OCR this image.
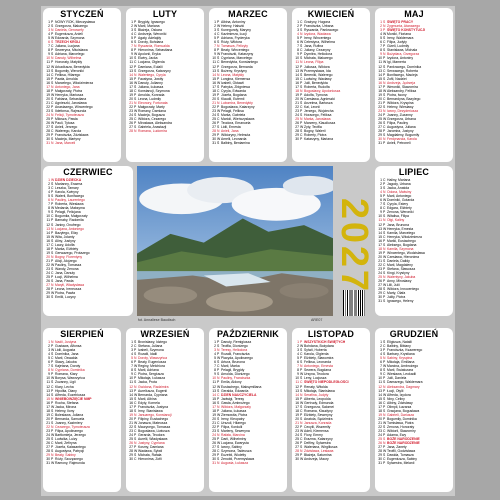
STYCZEŃ
1 P NOWY ROK, Mieczysława
2 S Grzegorza, Makarego
3 N Daniela, Genowefy
4 P Eugeniusza, Anieli
5 W Edwarda, Szymona
6 Ś TRZECH KRÓLI
7 C Juliana, Lucjana
8 P Seweryna, Mścisława
9 S Adriana, Marcelego
10 N Danuty, Wilhelma
11 P Honoraty, Matyldy
12 W Arkadiusza, Benedykta
13 Ś Bogumiły, Weroniki
14 C Feliksa, Hilarego
15 P Pawła, Arnolda
16 S Marcelego, Włodzimierza
17 N Antoniego, Jana
18 P Małgorzaty, Piotra
19 W Henryka, Mariusza
20 Ś Fabiana, Sebastiana
21 C Agnieszki, Jarosława
22 P Anastazego, Wincentego
23 S Ildefonsa, Rajmunda
24 N Felicji, Tymoteusza
25 P Miłosza, Pawła
26 W Pauli, Tytusa
27 Ś Anieli, Jerzego
28 C Walerego, Karola
29 P Franciszka, Zdzisława
30 S Macieja, Martyny
31 N Jana, Marceli
LUTY
1 P Brygidy, Ignacego
2 W Marii, Mariana
3 Ś Błażeja, Oskara
4 C Andrzeja, Weroniki
5 P Agaty, Adelajdy
6 S Doroty, Bohdana
7 N Ryszarda, Romualda
8 P Hieronima, Sebastiana
9 W Apolonii, Eryka
10 Ś Elwiry, Jacka
11 C Lucjana, Olgierda
12 P Damiana, Eulalii
13 S Grzegorza, Katarzyny
14 N Walentego, Cyryla
15 P Faustyna, Jowity
16 W Danuty, Julianny
17 Ś Juliana, Łukasza
18 C Konstancji, Szymona
19 P Arnolda, Konrada
20 S Leona, Ludmiły
21 N Eleonory, Fortunata
22 P Małgorzaty, Marty
23 W Romany, Damiana
24 Ś Macieja, Bogusza
25 C Wiktora, Cezarego
26 P Mirosława, Aleksandra
27 S Gabriela, Anastazji
28 N Romana, Ludomira
MARZEC
1 P Albina, Antoniny
2 W Heleny, Halszki
3 Ś Kunegundy, Maryny
4 C Kazimierza, Łucji
5 P Adriana, Fryderyka
6 S Róży, Wiktora
7 N Tomasza, Felicyty
8 P Beaty, Wincentego
9 W Franciszki, Katarzyny
10 Ś Cypriana, Marcelego
11 C Benedykta, Konstantego
12 P Grzegorza, Bernarda
13 S Bożeny, Krystyny
14 N Leona, Matyldy
15 P Longina, Klemensa
16 W Izabeli, Oktawii
17 Ś Patryka, Zbigniewa
18 C Cyryla, Edwarda
19 P Józefa, Bogdana
20 S Klaudii, Eufemii
21 N Lubomira, Benedykty
22 P Bogusława, Katarzyny
23 W Pelagii, Feliksa
24 Ś Marka, Gabriela
25 C Marioli, Wieńczysława
26 P Teodora, Emanuela
27 S Lidii, Ernesta
28 N Anieli, Jana
29 P Wiktoryny, Helmuta
30 W Amelii, Leonarda
31 Ś Balbiny, Beniamina
KWIECIEŃ
1 C Grażyny, Hugona
2 P Franciszka, Urbana
3 S Ryszarda, Pankracego
4 N Izydora, Wacława
5 P Ireny, Wincentego
6 W Celestyna, Wilhelma
7 Ś Jana, Rufina
8 C Juliany, Cezaryny
9 P Dymitra, Heliodora
10 S Michała, Makarego
11 N Leona, Filipa
12 P Juliusza, Wiktora
13 W Przemysława, Ida
14 Ś Bereniki, Walerego
15 C Ludwiny, Wacławy
16 P Julii, Benedykta
17 S Roberta, Rudolfa
18 N Bogusławy, Apoloniusza
19 P Adolfa, Tymona
20 W Czesława, Agnieszki
21 Ś Anzelma, Bartosza
22 C Kai, Leonii
23 P Jerzego, Wojciecha
24 S Horacego, Feliksa
25 N Marka, Jarosława
26 P Marzeny, Klaudiusza
27 W Zyty, Teofila
28 Ś Bogny, Walerii
29 C Roberty, Piotra
30 P Katarzyny, Mariana
MAJ
1 S ŚWIĘTO PRACY
2 N Zygmunta, Atanazego
3 P ŚWIĘTO KONSTYTUCJI
4 W Moniki, Floriana
5 Ś Ireny, Waldemara
6 C Filipa, Judyty
7 P Gizeli, Ludmiły
8 S Stanisława, Michała
9 N Bożydara, Grzegorza
10 P Izydora, Antoniny
11 W Igi, Mamerta
12 Ś Pankracego, Dominika
13 C Serwacego, Roberta
14 P Bonifacego, Macieja
15 S Zofii, Nadziei
16 N Andrzeja, Jędrzeja
17 P Weroniki, Sławomira
18 W Aleksandry, Feliksa
19 Ś Piotra, Iwony
20 C Bernardyna, Bazylego
21 P Wiktora, Kryspina
22 S Heleny, Wiesławy
23 N Iwony, Dezyderiusza
24 P Joanny, Zuzanny
25 W Grzegorza, Urbana
26 Ś Filipa, Pauliny
27 C Augustyna, Juliana
28 P Jaromira, Justyny
29 S Magdaleny, Bogumiły
30 N Ferdynanda, Karola
31 P Anieli, Petroneli
CZERWIEC
1 W DZIEŃ DZIECKA
2 Ś Marianny, Erazma
3 C Leszka, Tamary
4 P Karola, Kwiryny
5 S Walerii, Bonifacego
6 N Pauliny, Laurentego
7 P Roberta, Wiesława
8 W Medarda, Maksyma
9 Ś Pelagii, Felicjana
10 C Bogumiła, Małgorzaty
11 P Barnaby, Radomiła
12 S Janiny, Onufrego
13 N Lucjana, Antoniego
14 P Bazylego, Elizy
15 W Wita, Jolanty
16 Ś Aliny, Justyny
17 C Laury, Adolfa
18 P Marka, Elżbiety
19 S Gerwazego, Protazego
20 N Bogny, Florentyny
21 P Alicji, Alojzego
22 W Pauliny, Tomasza
23 Ś Wandy, Zenona
24 C Jana, Danuty
25 P Łucji, Wilhelma
26 S Jana, Pawła
27 N Maryli, Władysława
28 P Leona, Ireneusza
29 W Piotra, Pawła
30 Ś Emilii, Lucyny
LIPIEC
1 C Haliny, Mariana
2 P Jagody, Urbana
3 S Jacka, Anatola
4 N Odona, Malwiny
5 P Marii, Antoniego
6 W Dominiki, Gotarda
7 Ś Cyryla, Estery
8 C Edgara, Elżbiety
9 P Zenona, Weroniki
10 S Witalisa, Filipa
11 N Olgi, Kaliny
12 P Jana, Brunona
13 W Henryka, Ernesta
14 Ś Kamila, Marcelego
15 C Henryka, Włodzimierza
16 P Mariki, Eustachego
17 S Aleksego, Bogdana
18 N Kamila, Szymona
19 P Wincentego, Wodzisława
20 W Czesława, Hieronima
21 Ś Daniela, Dalidy
22 C Marii, Magdaleny
23 P Stefana, Sławosza
24 S Kingi, Krystyny
25 N Walentyny, Jakuba
26 P Anny, Mirosławy
27 W Lilii, Julii
28 Ś Wiktora, Innocentego
29 C Marty, Olafa
30 P Julity, Piotra
31 S Ignacego, Heleny
SIERPIEŃ
1 N Nadii, Justyna
2 P Gustawa, Alfonsa
3 W Lidii, Augusta
4 Ś Dominika, Jana
5 C Marii, Oswalda
6 P Sławy, Jakuba
7 S Kajetana, Doroty
8 N Cypriana, Dominika
9 P Romana, Klary
10 W Borysa, Wawrzyńca
11 Ś Zuzanny, Ligii
12 C Klary, Lecha
13 P Hipolita, Diany
14 S Alfreda, Euzebiusza
15 N WNIEBOWZIĘCIE NMP
16 P Rocha, Stefana
17 W Jacka, Mirona
18 Ś Heleny, Ilony
19 C Bolesława, Juliana
20 P Bernarda, Samuela
21 S Joanny, Kazimiery
22 N Cezarego, Tymoteusza
23 P Filipa, Apolinarego
24 W Bartłomieja, Jerzego
25 Ś Ludwika, Luizy
26 C Marii, Zefiryna
27 P Józefa, Kalasantego
28 S Augustyna, Patrycji
29 N Beaty, Sabiny
30 P Róży, Szczęsnego
31 W Ramony, Rajmunda
WRZESIEŃ
1 Ś Bronisławy, Idziego
2 C Stefana, Juliana
3 P Izabeli, Szymona
4 S Rozalii, Idalii
5 N Doroty, Wawrzyńca
6 P Beaty, Eugeniusza
7 W Reginy, Melchiora
8 Ś Marii, Adriana
9 C Piotra, Sergiusza
10 P Mikołaja, Łukasza
11 S Jacka, Prota
12 N Gwidona, Radzimira
13 P Aureliusza, Eugenii
14 W Bernarda, Cypriana
15 Ś Marii, Albina
16 C Edyty, Kornela
17 P Franciszka, Justyna
18 S Irmy, Stanisława
19 N Januarego, Konstancji
20 P Filipiny, Eustachego
21 W Jonasza, Mateusza
22 Ś Maurycego, Tomasza
23 C Bogusława, Liwiusza
24 P Gerarda, Teodora
25 S Aurelii, Władysława
26 N Justyny, Cypriana
27 P Kosmy, Damiana
28 W Wacława, Sylwii
29 Ś Michała, Rafała
30 C Hieronima, Zofii
PAŹDZIERNIK
1 P Danuty, Remigiusza
2 S Teofila, Dionizego
3 N Teresy, Heliodora
4 P Rozalii, Franciszka
5 W Placyda, Apolinarego
6 Ś Artura, Brunona
7 C Marii, Marka
8 P Pelagii, Brygidy
9 S Arnolda, Dionizego
10 N Pauliny, Franciszka
11 P Emila, Aldony
12 W Eustachego, Maksymiliana
13 Ś Geralda, Edwarda
14 C DZIEŃ NAUCZYCIELA
15 P Jadwigi, Teresy
16 S Gawła, Ambrożego
17 N Wiktora, Małgorzaty
18 P Juliana, Łukasza
19 W Ziemowita, Piotra
20 Ś Ireny, Kleopatry
21 C Urszuli, Hilarego
22 P Filipa, Kordulii
23 S Marleny, Seweryna
24 N Rafała, Marcina
25 P Darii, Wilhelminy
26 W Lucjana, Ewarysta
27 Ś Iwony, Sabiny
28 C Szymona, Tadeusza
29 P Euzebii, Wioletty
30 S Zenobii, Przemysława
31 N Augusta, Łukasza
LISTOPAD
1 P WSZYSTKICH ŚWIĘTYCH
2 W Bohdana, Bożydara
3 Ś Sylwii, Huberta
4 C Karola, Olgierda
5 P Elżbiety, Sławomira
6 S Feliksa, Leonarda
7 N Antoniego, Ernesta
8 P Sewera, Bogdana
9 W Ursyna, Teodora
10 Ś Leny, Lucjusza
11 C ŚWIĘTO NIEPODLEGŁOŚCI
12 P Renaty, Witolda
13 S Mikołaja, Stanisława
14 N Serafina, Judyty
15 P Alberta, Leopolda
16 W Gertrudy, Edmunda
17 Ś Grzegorza, Salomei
18 C Romana, Klaudyny
19 P Elżbiety, Seweryny
20 S Anatola, Sędzimira
21 N Janusza, Konrada
22 P Cecylii, Wszemiły
23 W Adeli, Klemensa
24 Ś Flory, Emmy
25 C Erazma, Katarzyny
26 P Delfiny, Sylwestra
27 S Waleriana, Wirgiliusza
28 N Zdzisława, Lesława
29 P Błażeja, Saturnina
30 W Andrzeja, Maury
GRUDZIEŃ
1 Ś Eligiusza, Natalii
2 C Balbiny, Bibiany
3 P Franciszka, Ksawerego
4 S Barbary, Krystiana
5 N Sabiny, Kryspina
6 P Mikołaja, Emiliana
7 W Marcina, Ambrożego
8 Ś Marii, Światozara
9 C Wiesława, Leokadii
10 P Julii, Daniela
11 S Damazego, Waldemara
12 N Aleksandra, Dagmary
13 P Łucji, Otylii
14 W Alfreda, Izydora
15 Ś Niny, Celiny
16 C Albiny, Zdzisławy
17 P Olimpii, Łazarza
18 S Gracjana, Bogusława
19 N Gabrieli, Dariusza
20 P Bogumiły, Dominika
21 W Tomisława, Piotra
22 Ś Zenona, Honoraty
23 C Wiktorii, Sławomiry
24 P Adama, Ewy
25 S BOŻE NARODZENIE
26 N BOŻE NARODZENIE
27 P Jana, Żanety
28 W Teofili, Godzisława
29 Ś Dawida, Tomasza
30 C Eugeniusza, Sabiny
31 P Sylwestra, Melanii
fot. Annaliese Baudisch	ARE07
2
0
2
7
